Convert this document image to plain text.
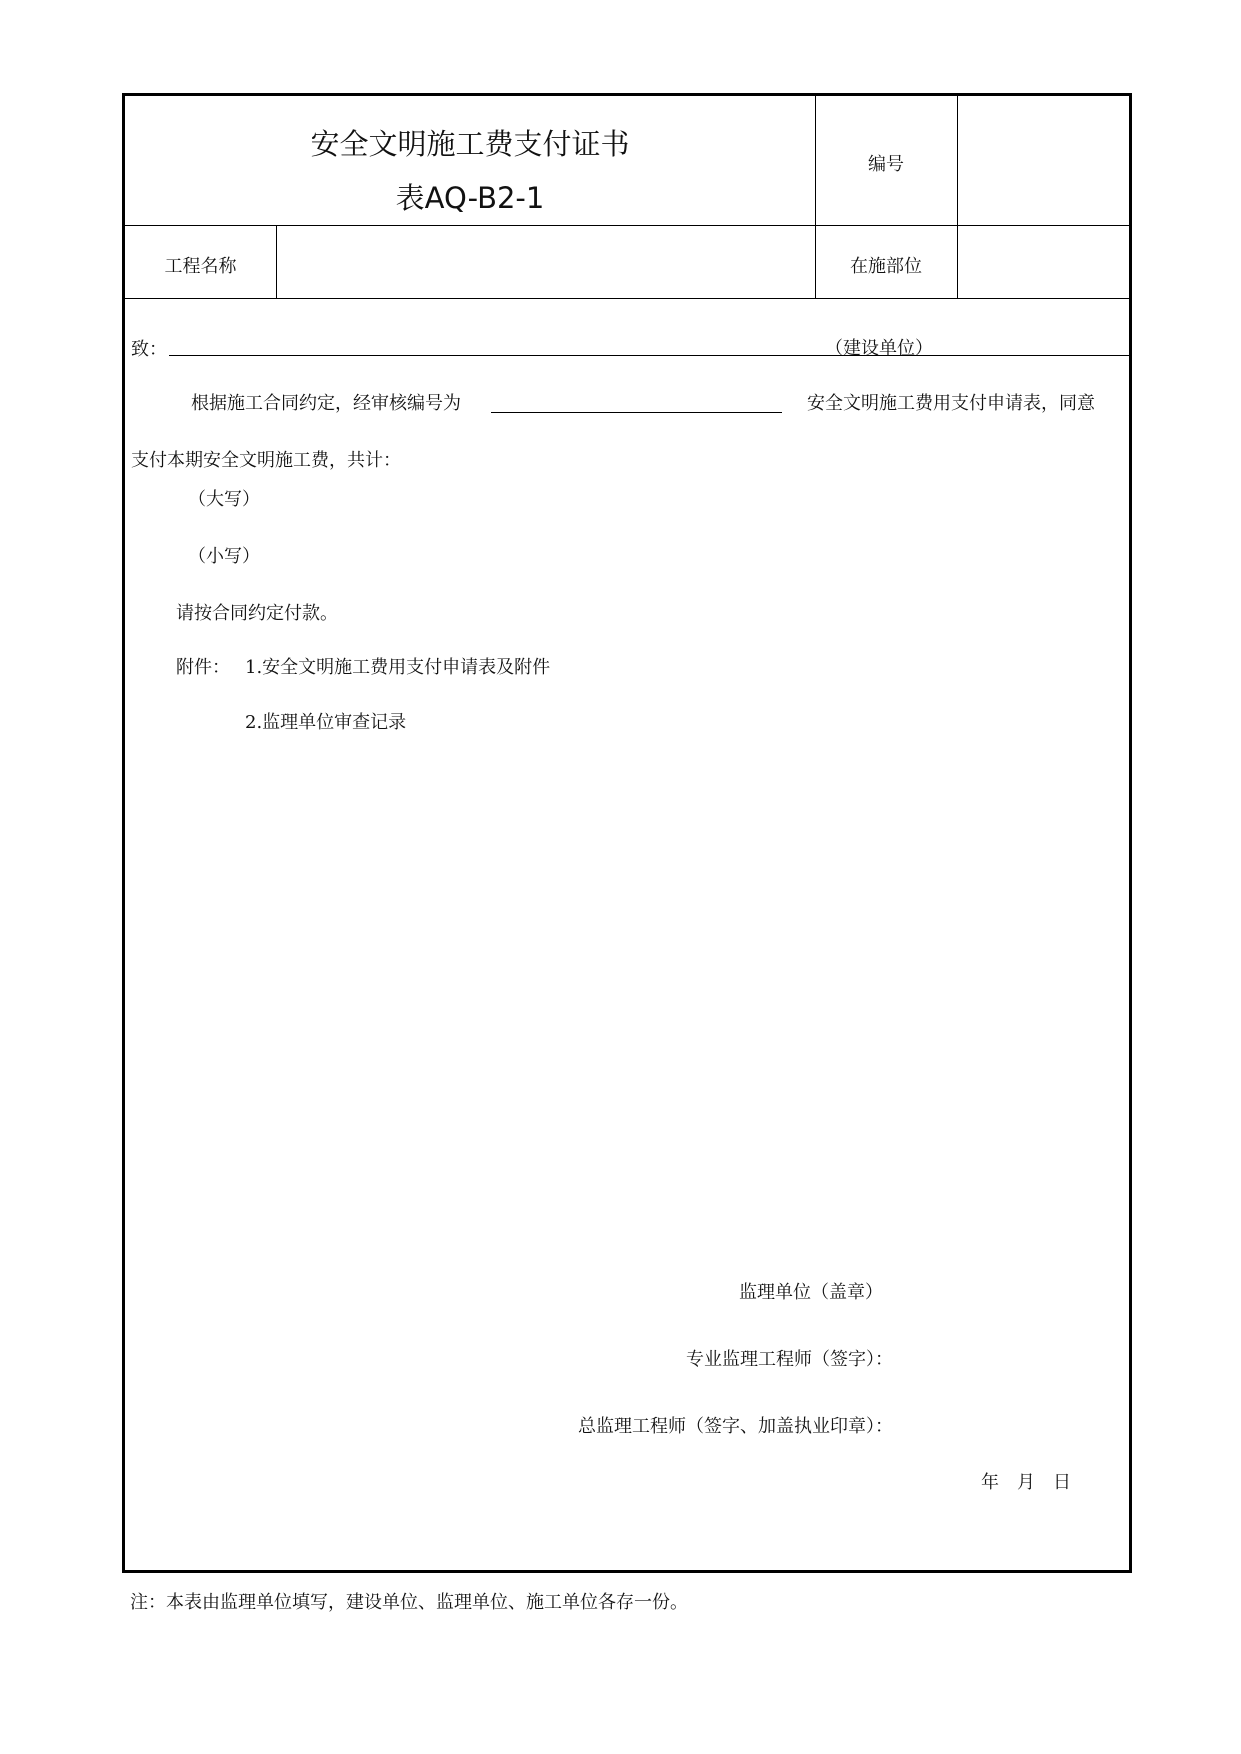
安全文明施工费支付证书
表AQ-B2-1
编号
工程名称	在施部位
致：	（建设单位）
根据施工合同约定，经审核编号为	安全文明施工费用支付申请表，同意
支付本期安全文明施工费，共计：
（大写）
（小写）
请按合同约定付款。
附件： 1.安全文明施工费用支付申请表及附件
2.监理单位审查记录
监理单位（盖章）
专业监理工程师（签字）：
总监理工程师（签字、加盖执业印章）：
年　月　日
注：本表由监理单位填写，建设单位、监理单位、施工单位各存一份。
